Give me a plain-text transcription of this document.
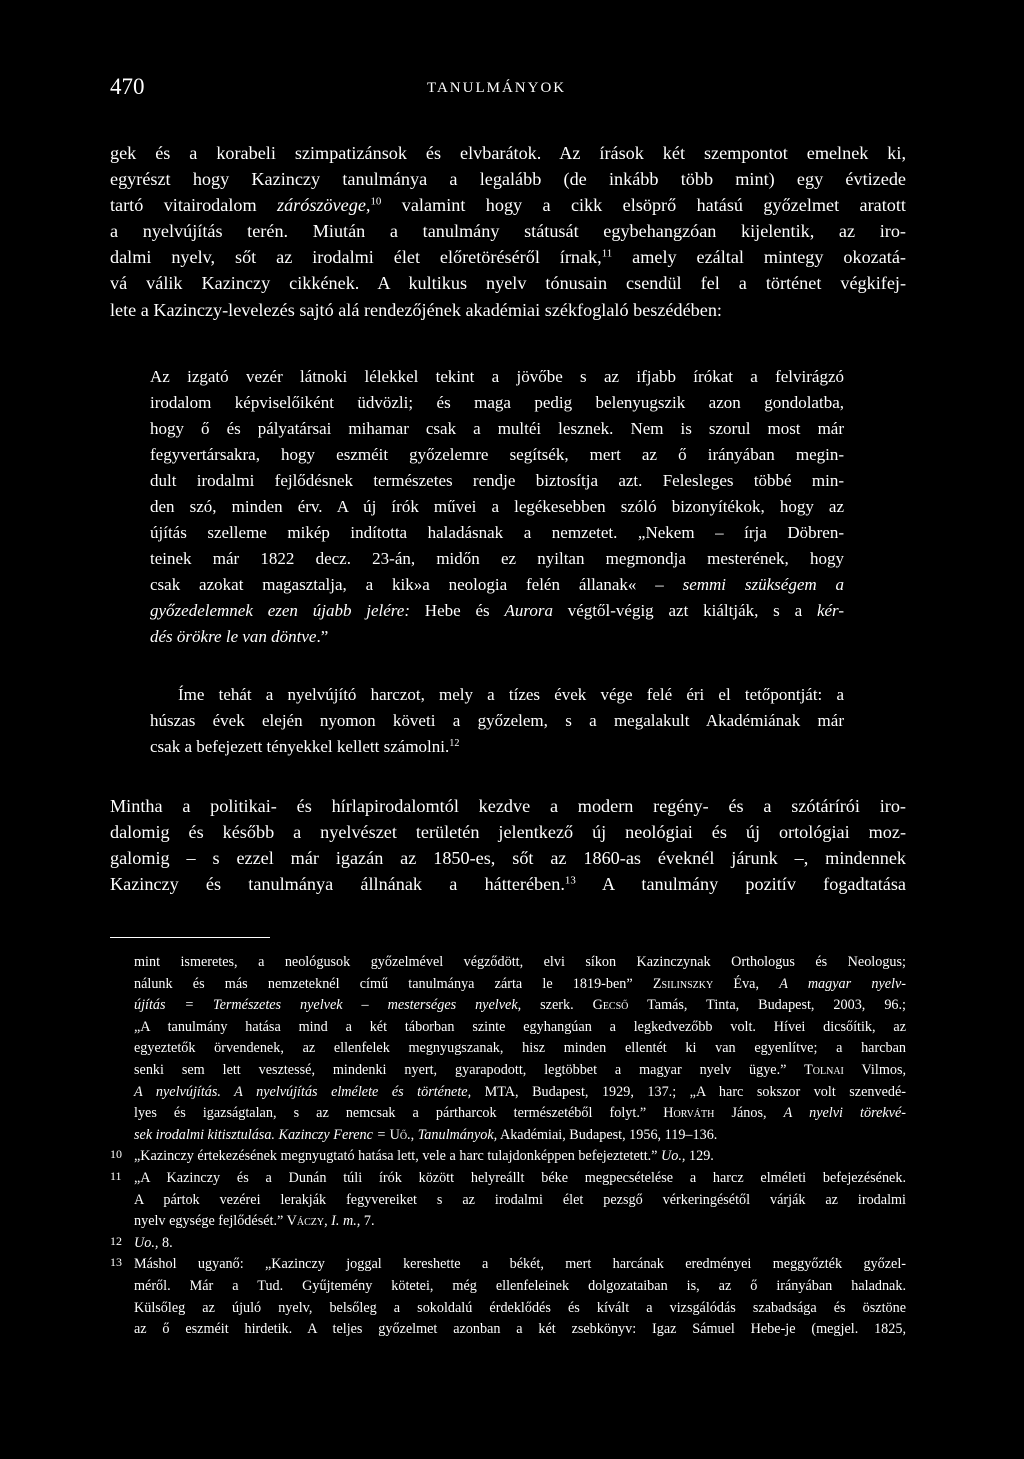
470	TANULMÁNYOK
gek és a korabeli szimpatizánsok és elvbarátok. Az írások két szempontot emelnek ki,
egyrészt hogy Kazinczy tanulmánya a legalább (de inkább több mint) egy évtizede
tartó vitairodalom zárószövege,$^{10}$ valamint hogy a cikk elsöprő hatású győzelmet aratott
a nyelvújítás terén. Miután a tanulmány státusát egybehangzóan kijelentik, az iro-
dalmi nyelv, sőt az irodalmi élet előretöréséről írnak,$^{11}$ amely ezáltal mintegy okozatá-
vá válik Kazinczy cikkének. A kultikus nyelv tónusain csendül fel a történet végkifej-
lete a Kazinczy-levelezés sajtó alá rendezőjének akadémiai székfoglaló beszédében:
Az izgató vezér látnoki lélekkel tekint a jövőbe s az ifjabb írókat a felvirágzó
irodalom képviselőiként üdvözli; és maga pedig belenyugszik azon gondolatba,
hogy ő és pályatársai mihamar csak a multéi lesznek. Nem is szorul most már
fegyvertársakra, hogy eszméit győzelemre segítsék, mert az ő irányában megin-
dult irodalmi fejlődésnek természetes rendje biztosítja azt. Felesleges többé min-
den szó, minden érv. A új írók művei a legékesebben szóló bizonyítékok, hogy az
újítás szelleme mikép indította haladásnak a nemzetet. „Nekem – írja Döbren-
teinek már 1822 decz. 23-án, midőn ez nyiltan megmondja mesterének, hogy
csak azokat magasztalja, a kik»a neologia felén állanak« – semmi szükségem a
győzedelemnek ezen újabb jelére: Hebe és Aurora végtől-végig azt kiáltják, s a kér-
dés örökre le van döntve.”
Íme tehát a nyelvújító harczot, mely a tízes évek vége felé éri el tetőpontját: a
húszas évek elején nyomon követi a győzelem, s a megalakult Akadémiának már
csak a befejezett tényekkel kellett számolni.$^{12}$
Mintha a politikai- és hírlapirodalomtól kezdve a modern regény- és a szótárírói iro-
dalomig és később a nyelvészet területén jelentkező új neológiai és új ortológiai moz-
galomig – s ezzel már igazán az 1850-es, sőt az 1860-as éveknél járunk –, mindennek
Kazinczy és tanulmánya állnának a hátterében.$^{13}$ A tanulmány pozitív fogadtatása
mint ismeretes, a neológusok győzelmével végződött, elvi síkon Kazinczynak Orthologus és Neologus;
nálunk és más nemzeteknél című tanulmánya zárta le 1819-ben” Zsilinszky Éva, A magyar nyelv-
újítás = Természetes nyelvek – mesterséges nyelvek, szerk. Gecső Tamás, Tinta, Budapest, 2003, 96.;
„A tanulmány hatása mind a két táborban szinte egyhangúan a legkedvezőbb volt. Hívei dicsőítik, az
egyeztetők örvendenek, az ellenfelek megnyugszanak, hisz minden ellentét ki van egyenlítve; a harcban
senki sem lett vesztessé, mindenki nyert, gyarapodott, legtöbbet a magyar nyelv ügye.” Tolnai Vilmos,
A nyelvújítás. A nyelvújítás elmélete és története, MTA, Budapest, 1929, 137.; „A harc sokszor volt szenvedé-
lyes és igazságtalan, s az nemcsak a pártharcok természetéből folyt.” Horváth János, A nyelvi törekvé-
sek irodalmi kitisztulása. Kazinczy Ferenc = Uő., Tanulmányok, Akadémiai, Budapest, 1956, 119–136.
10 „Kazinczy értekezésének megnyugtató hatása lett, vele a harc tulajdonképpen befejeztetett.” Uo., 129.
11 „A Kazinczy és a Dunán túli írók között helyreállt béke megpecsételése a harcz elméleti befejezésének.
A pártok vezérei lerakják fegyvereiket s az irodalmi élet pezsgő vérkeringésétől várják az irodalmi
nyelv egysége fejlődését.” Váczy, I. m., 7.
12 Uo., 8.
13 Máshol ugyanő: „Kazinczy joggal kereshette a békét, mert harcának eredményei meggyőzték győzel-
méről. Már a Tud. Gyűjtemény kötetei, még ellenfeleinek dolgozataiban is, az ő irányában haladnak.
Külsőleg az újuló nyelv, belsőleg a sokoldalú érdeklődés és kívált a vizsgálódás szabadsága és ösztöne
az ő eszméit hirdetik. A teljes győzelmet azonban a két zsebkönyv: Igaz Sámuel Hebe-je (megjel. 1825,
